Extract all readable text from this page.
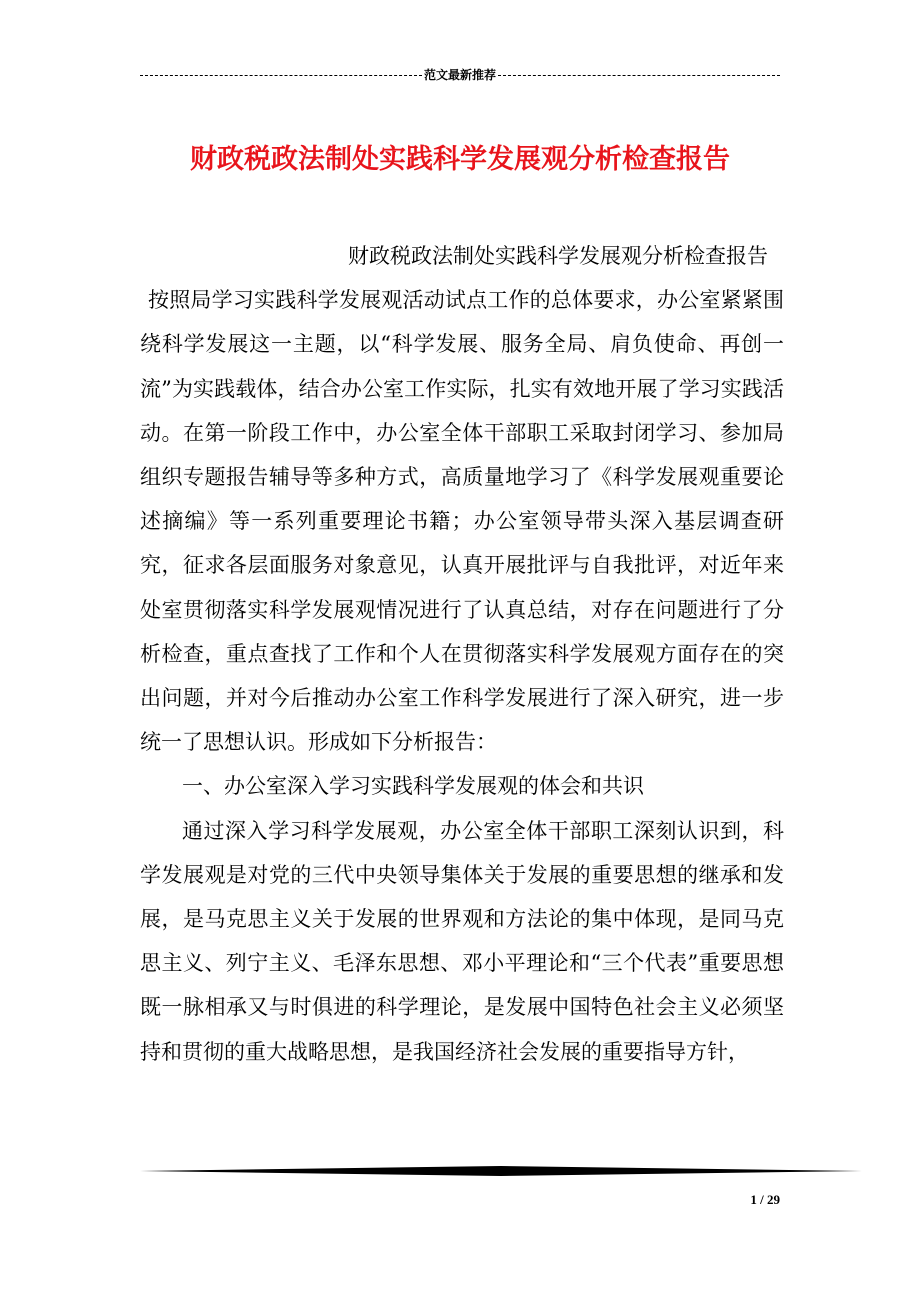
范文最新推荐
财政税政法制处实践科学发展观分析检查报告

财政税政法制处实践科学发展观分析检查报告

按照局学习实践科学发展观活动试点工作的总体要求，办公室紧紧围绕科学发展这一主题，以“科学发展、服务全局、肩负使命、再创一流”为实践载体，结合办公室工作实际，扎实有效地开展了学习实践活动。在第一阶段工作中，办公室全体干部职工采取封闭学习、参加局组织专题报告辅导等多种方式，高质量地学习了《科学发展观重要论述摘编》等一系列重要理论书籍；办公室领导带头深入基层调查研究，征求各层面服务对象意见，认真开展批评与自我批评，对近年来处室贯彻落实科学发展观情况进行了认真总结，对存在问题进行了分析检查，重点查找了工作和个人在贯彻落实科学发展观方面存在的突出问题，并对今后推动办公室工作科学发展进行了深入研究，进一步统一了思想认识。形成如下分析报告：

一、办公室深入学习实践科学发展观的体会和共识

通过深入学习科学发展观，办公室全体干部职工深刻认识到，科学发展观是对党的三代中央领导集体关于发展的重要思想的继承和发展，是马克思主义关于发展的世界观和方法论的集中体现，是同马克思主义、列宁主义、毛泽东思想、邓小平理论和“三个代表”重要思想既一脉相承又与时俱进的科学理论，是发展中国特色社会主义必须坚持和贯彻的重大战略思想，是我国经济社会发展的重要指导方针，

1 / 29
